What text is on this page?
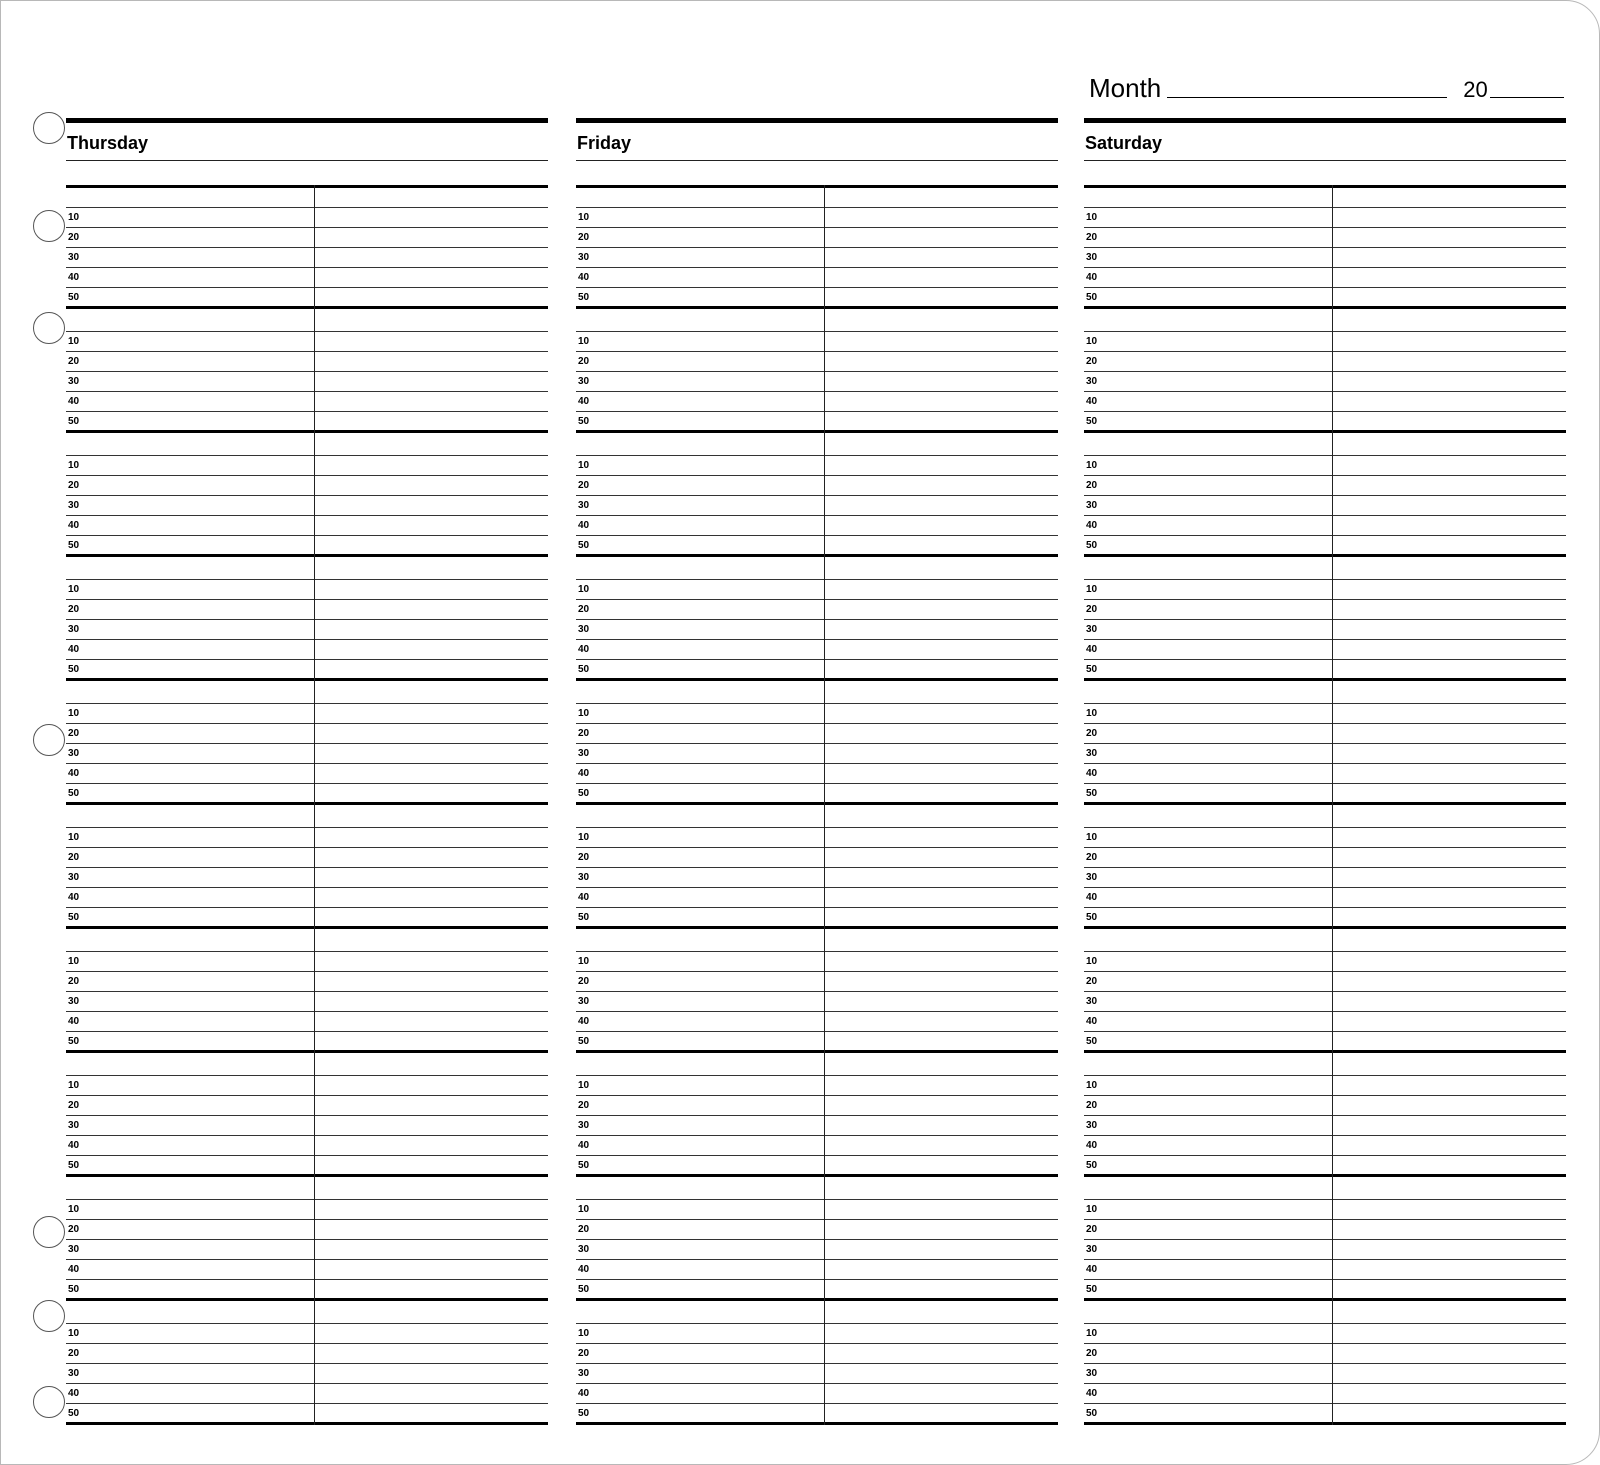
Month	20
Thursday
10
20
30
40
50
10
20
30
40
50
10
20
30
40
50
10
20
30
40
50
10
20
30
40
50
10
20
30
40
50
10
20
30
40
50
10
20
30
40
50
10
20
30
40
50
10
20
30
40
50
Friday
10
20
30
40
50
10
20
30
40
50
10
20
30
40
50
10
20
30
40
50
10
20
30
40
50
10
20
30
40
50
10
20
30
40
50
10
20
30
40
50
10
20
30
40
50
10
20
30
40
50
Saturday
10
20
30
40
50
10
20
30
40
50
10
20
30
40
50
10
20
30
40
50
10
20
30
40
50
10
20
30
40
50
10
20
30
40
50
10
20
30
40
50
10
20
30
40
50
10
20
30
40
50
